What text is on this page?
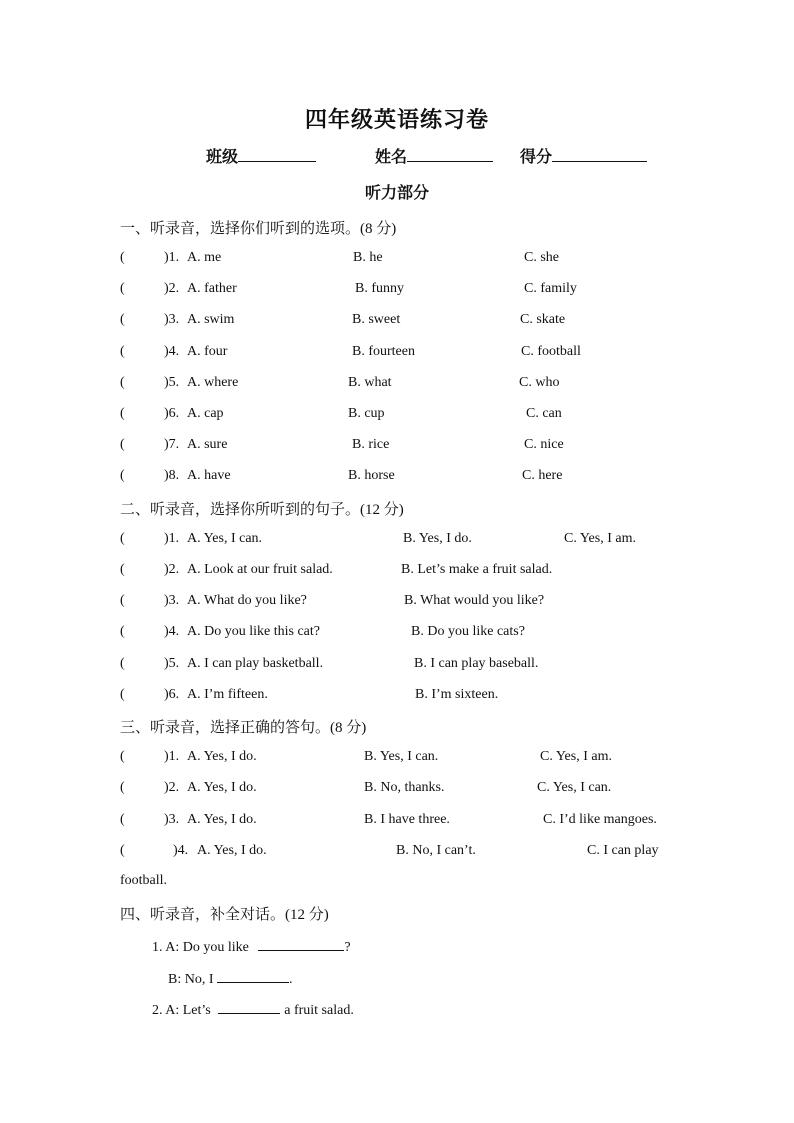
四年级英语练习卷
班级	姓名	得分
听力部分
一、听录音，选择你们听到的选项。(8 分)
(	)1. A. me	B. he	C. she
(	)2. A. father	B. funny	C. family
(	)3. A. swim	B. sweet	C. skate
(	)4. A. four	B. fourteen	C. football
(	)5. A. where	B. what	C. who
(	)6. A. cap	B. cup	C. can
(	)7. A. sure	B. rice	C. nice
(	)8. A. have	B. horse	C. here
二、听录音，选择你所听到的句子。(12 分)
(	)1. A. Yes, I can.	B. Yes, I do.	C. Yes, I am.
(	)2. A. Look at our fruit salad.	B. Let’s make a fruit salad.
(	)3. A. What do you like?	B. What would you like?
(	)4. A. Do you like this cat?	B. Do you like cats?
(	)5. A. I can play basketball.	B. I can play baseball.
(	)6. A. I’m fifteen.	B. I’m sixteen.
三、听录音，选择正确的答句。(8 分)
(	)1. A. Yes, I do.	B. Yes, I can.	C. Yes, I am.
(	)2. A. Yes, I do.	B. No, thanks.	C. Yes, I can.
(	)3. A. Yes, I do.	B. I have three.	C. I’d like mangoes.
(	)4. A. Yes, I do.	B. No, I can’t.	C. I can play
football.
四、听录音，补全对话。(12 分)
1. A: Do you like	?
B: No, I	.
2. A: Let’s	a fruit salad.
